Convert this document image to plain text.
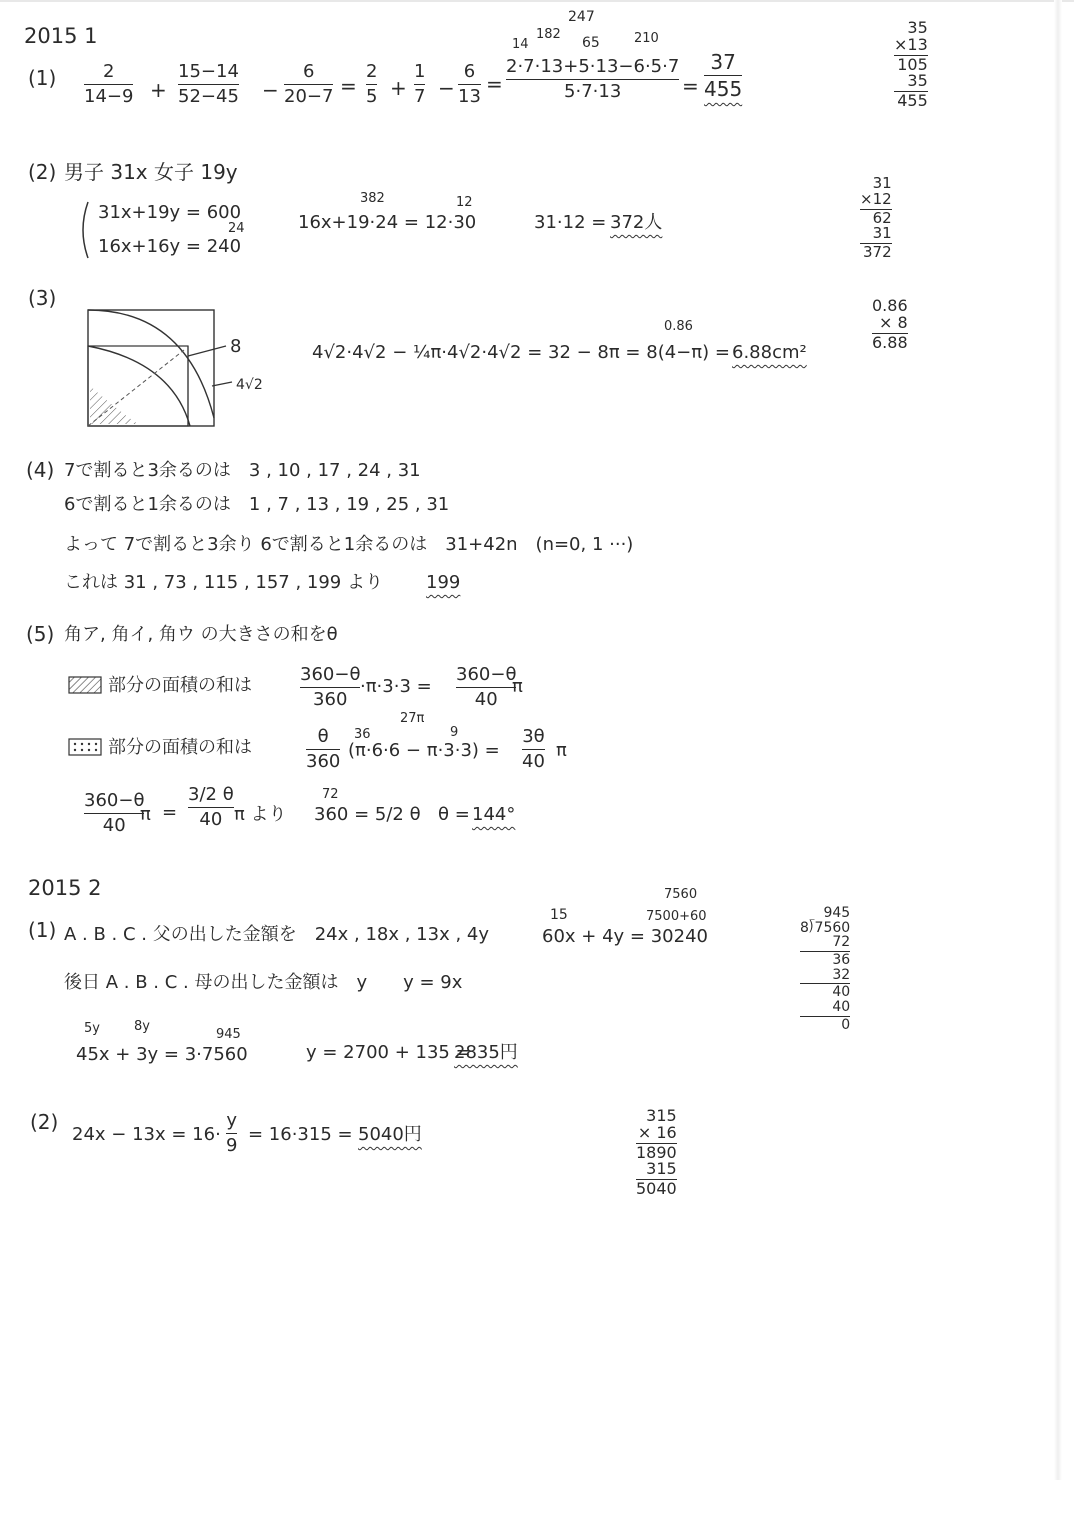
2015 1
(1)	2
14−9 +
15−14
52−45 −
6
20−7 =
2
5 +
1
7 −
6
13
=
247
14
182
65	210
2·7·13+5·13−6·5·7
5·7·13	=
37
455
35
×13
105
35
455
(2) 男子 31x 女子 19y
31x+19y = 600
24
16x+16y = 240
382	12
16x+19·24 = 12·30	31·12 = 372人
31
×12
62
31
372
(3)
8
4√2
0.86
4√2·4√2 − ¼π·4√2·4√2 = 32 − 8π = 8(4−π) = 6.88cm²
0.86
× 8
6.88
(4) 7で割ると3余るのは　3 , 10 , 17 , 24 , 31
6で割ると1余るのは　1 , 7 , 13 , 19 , 25 , 31
よって 7で割ると3余り 6で割ると1余るのは　31+42n　(n=0, 1 ···)
これは 31 , 73 , 115 , 157 , 199 より 199
(5) 角ア, 角イ, 角ウ の大きさの和をθ
部分の面積の和は
360−θ
360
·π·3·3 =
360−θ
40
π
部分の面積の和は
θ
360
27π
36	9
(π·6·6 − π·3·3) =
3θ
40
π
360−θ
40
π =
3/2 θ
40 π より
72
360 = 5/2 θ θ = 144°
2015 2
(1) A . B . C . 父の出した金額を　24x , 18x , 13x , 4y
15
7560
7500+60
60x + 4y = 30240
後日 A . B . C . 母の出した金額は　y　　y = 9x
5y	8y
945
45x + 3y = 3·7560	y = 2700 + 135 =
2835円
945
8⟌7560
72
36
32
40
40
0
(2)
24x − 13x = 16·
y
9
= 16·315 = 5040円
315
× 16
1890
315
5040
